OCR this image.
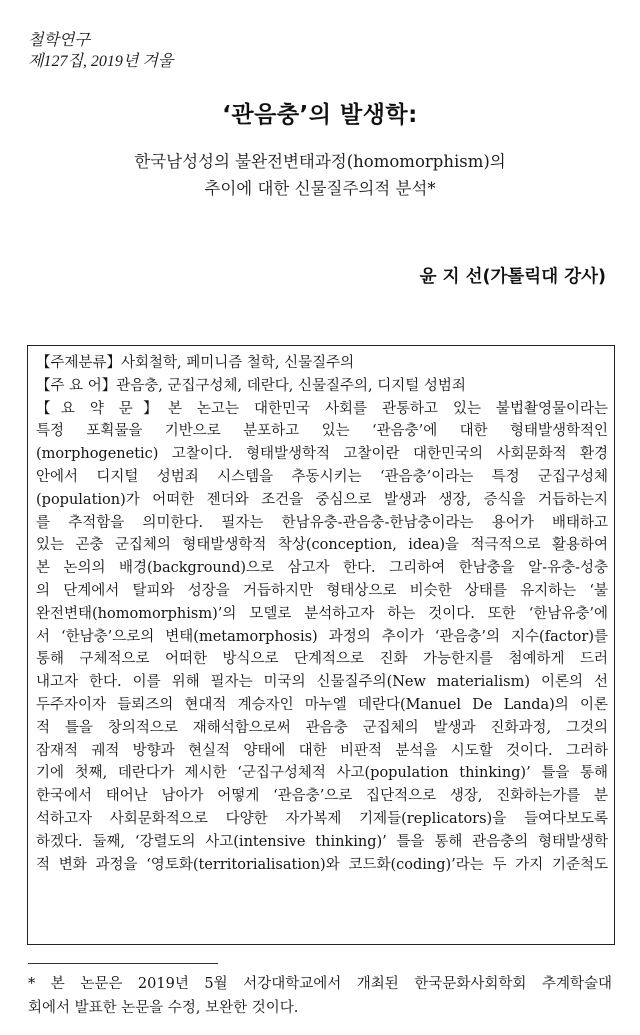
철학연구
제127집, 2019년 겨울
‘관음충’의 발생학:
한국남성성의 불완전변태과정(homomorphism)의
추이에 대한 신물질주의적 분석*
윤 지 선(가톨릭대 강사)
【주제분류】사회철학, 페미니즘 철학, 신물질주의
【주 요 어】관음충, 군집구성체, 데란다, 신물질주의, 디지털 성범죄
【요 약 문】본 논고는 대한민국 사회를 관통하고 있는 불법촬영물이라는
특정 포획물을 기반으로 분포하고 있는 ‘관음충’에 대한 형태발생학적인
(morphogenetic) 고찰이다. 형태발생학적 고찰이란 대한민국의 사회문화적 환경
안에서 디지털 성범죄 시스템을 추동시키는 ‘관음충’이라는 특정 군집구성체
(population)가 어떠한 젠더와 조건을 중심으로 발생과 생장, 증식을 거듭하는지
를 추적함을 의미한다. 필자는 한남유충-관음충-한남충이라는 용어가 배태하고
있는 곤충 군집체의 형태발생학적 착상(conception, idea)을 적극적으로 활용하여
본 논의의 배경(background)으로 삼고자 한다. 그리하여 한남충을 알-유충-성충
의 단계에서 탈피와 성장을 거듭하지만 형태상으로 비슷한 상태를 유지하는 ‘불
완전변태(homomorphism)’의 모델로 분석하고자 하는 것이다. 또한 ‘한남유충’에
서 ‘한남충’으로의 변태(metamorphosis) 과정의 추이가 ‘관음충’의 지수(factor)를
통해 구체적으로 어떠한 방식으로 단계적으로 진화 가능한지를 첨예하게 드러
내고자 한다. 이를 위해 필자는 미국의 신물질주의(New materialism) 이론의 선
두주자이자 들뢰즈의 현대적 계승자인 마누엘 데란다(Manuel De Landa)의 이론
적 틀을 창의적으로 재해석함으로써 관음충 군집체의 발생과 진화과정, 그것의
잠재적 궤적 방향과 현실적 양태에 대한 비판적 분석을 시도할 것이다. 그러하
기에 첫째, 데란다가 제시한 ‘군집구성체적 사고(population thinking)’ 틀을 통해
한국에서 태어난 남아가 어떻게 ‘관음충’으로 집단적으로 생장, 진화하는가를 분
석하고자 사회문화적으로 다양한 자가복제 기제들(replicators)을 들여다보도록
하겠다. 둘째, ‘강렬도의 사고(intensive thinking)’ 틀을 통해 관음충의 형태발생학
적 변화 과정을 ‘영토화(territorialisation)와 코드화(coding)’라는 두 가지 기준척도
* 본 논문은 2019년 5월 서강대학교에서 개최된 한국문화사회학회 추계학술대
회에서 발표한 논문을 수정, 보완한 것이다.
